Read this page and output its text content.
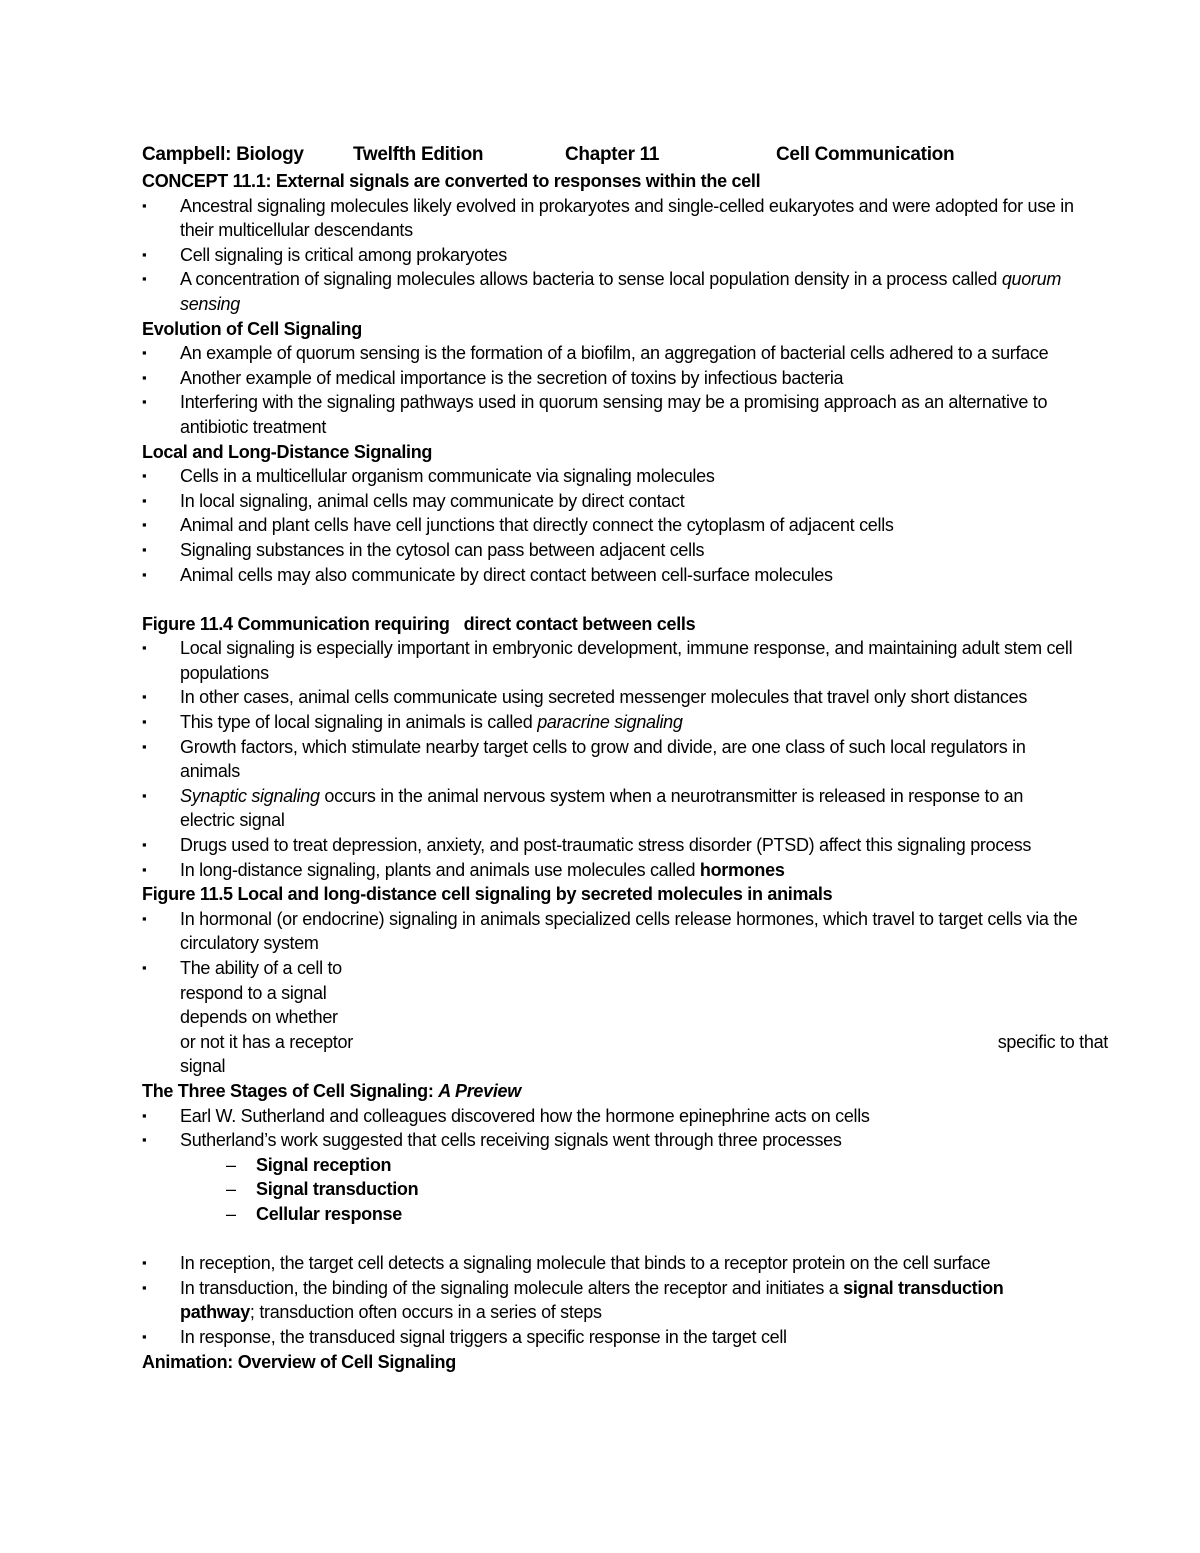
Campbell: Biology	Twelfth Edition	Chapter 11	Cell Communication

CONCEPT 11.1: External signals are converted to responses within the cell

▪ Ancestral signaling molecules likely evolved in prokaryotes and single-celled eukaryotes and were adopted for use in their multicellular descendants
▪ Cell signaling is critical among prokaryotes
▪ A concentration of signaling molecules allows bacteria to sense local population density in a process called quorum sensing

Evolution of Cell Signaling

▪ An example of quorum sensing is the formation of a biofilm, an aggregation of bacterial cells adhered to a surface
▪ Another example of medical importance is the secretion of toxins by infectious bacteria
▪ Interfering with the signaling pathways used in quorum sensing may be a promising approach as an alternative to antibiotic treatment

Local and Long-Distance Signaling

▪ Cells in a multicellular organism communicate via signaling molecules
▪ In local signaling, animal cells may communicate by direct contact
▪ Animal and plant cells have cell junctions that directly connect the cytoplasm of adjacent cells
▪ Signaling substances in the cytosol can pass between adjacent cells
▪ Animal cells may also communicate by direct contact between cell-surface molecules

Figure 11.4 Communication requiring   direct contact between cells

▪ Local signaling is especially important in embryonic development, immune response, and maintaining adult stem cell populations
▪ In other cases, animal cells communicate using secreted messenger molecules that travel only short distances
▪ This type of local signaling in animals is called paracrine signaling
▪ Growth factors, which stimulate nearby target cells to grow and divide, are one class of such local regulators in animals
▪ Synaptic signaling occurs in the animal nervous system when a neurotransmitter is released in response to an electric signal
▪ Drugs used to treat depression, anxiety, and post-traumatic stress disorder (PTSD) affect this signaling process
▪ In long-distance signaling, plants and animals use molecules called hormones

Figure 11.5 Local and long-distance cell signaling by secreted molecules in animals

▪ In hormonal (or endocrine) signaling in animals specialized cells release hormones, which travel to target cells via the circulatory system
▪ The ability of a cell to
respond to a signal
depends on whether
or not it has a receptor	specific to that
signal

The Three Stages of Cell Signaling: A Preview

▪ Earl W. Sutherland and colleagues discovered how the hormone epinephrine acts on cells
▪ Sutherland’s work suggested that cells receiving signals went through three processes
– Signal reception
– Signal transduction
– Cellular response
▪ In reception, the target cell detects a signaling molecule that binds to a receptor protein on the cell surface
▪ In transduction, the binding of the signaling molecule alters the receptor and initiates a signal transduction pathway; transduction often occurs in a series of steps
▪ In response, the transduced signal triggers a specific response in the target cell

Animation: Overview of Cell Signaling
